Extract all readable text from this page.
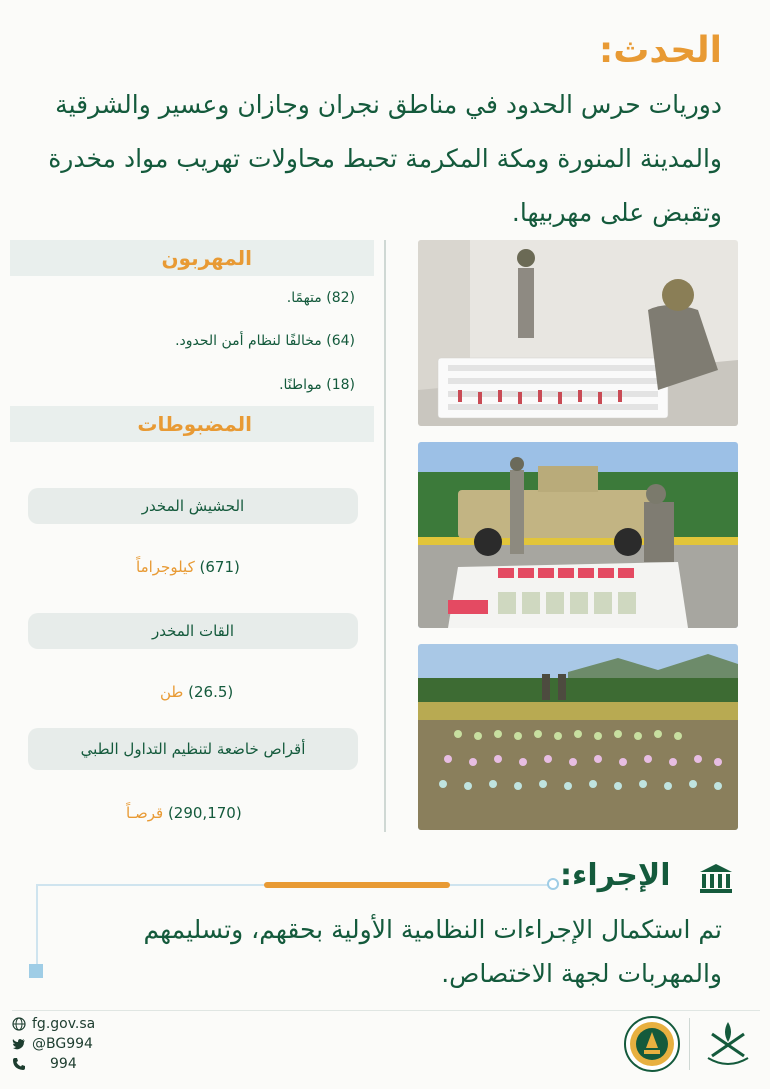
الحدث:
دوريات حرس الحدود في مناطق نجران وجازان وعسير والشرقية والمدينة المنورة ومكة المكرمة تحبط محاولات تهريب مواد مخدرة وتقبض على مهربيها.
المهربون
(82) متهمًا.
(64) مخالفًا لنظام أمن الحدود.
(18) مواطنًا.
المضبوطات
الحشيش المخدر
(671) كيلوجراماً
القات المخدر
(26.5) طن
أقراص خاضعة لتنظيم التداول الطبي
(290,170) قرصـاً
الإجراء:
تم استكمال الإجراءات النظامية الأولية بحقهم، وتسليمهم والمهربات لجهة الاختصاص.
fg.gov.sa
@BG994
994
